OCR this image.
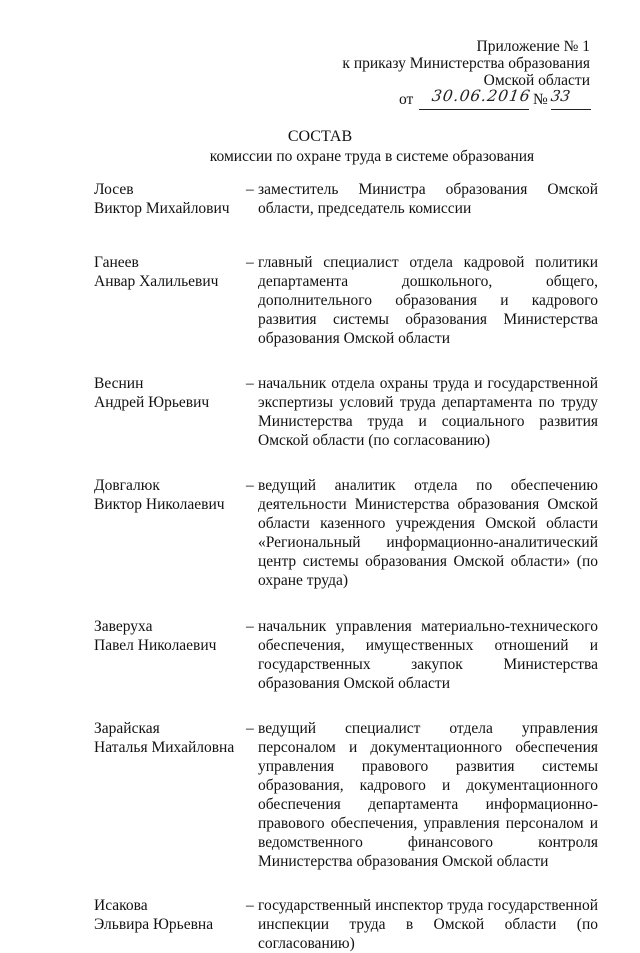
Приложение № 1
к приказу Министерства образования
Омской области
от 30.06.2016 № 33
СОСТАВ
комиссии по охране труда в системе образования
Лосев
Виктор Михайлович
– заместитель Министра образования Омской области, председатель комиссии
Ганеев
Анвар Халильевич
– главный специалист отдела кадровой политики департамента дошкольного, общего, дополнительного образования и кадрового развития системы образования Министерства образования Омской области
Веснин
Андрей Юрьевич
– начальник отдела охраны труда и государственной экспертизы условий труда департамента по труду Министерства труда и социального развития Омской области (по согласованию)
Довгалюк
Виктор Николаевич
– ведущий аналитик отдела по обеспечению деятельности Министерства образования Омской области казенного учреждения Омской области «Региональный информационно-аналитический центр системы образования Омской области» (по охране труда)
Заверуха
Павел Николаевич
– начальник управления материально-технического обеспечения, имущественных отношений и государственных закупок Министерства образования Омской области
Зарайская
Наталья Михайловна
– ведущий специалист отдела управления персоналом и документационного обеспечения управления правового развития системы образования, кадрового и документационного обеспечения департамента информационно-правового обеспечения, управления персоналом и ведомственного финансового контроля Министерства образования Омской области
Исакова
Эльвира Юрьевна
– государственный инспектор труда государственной инспекции труда в Омской области (по согласованию)
